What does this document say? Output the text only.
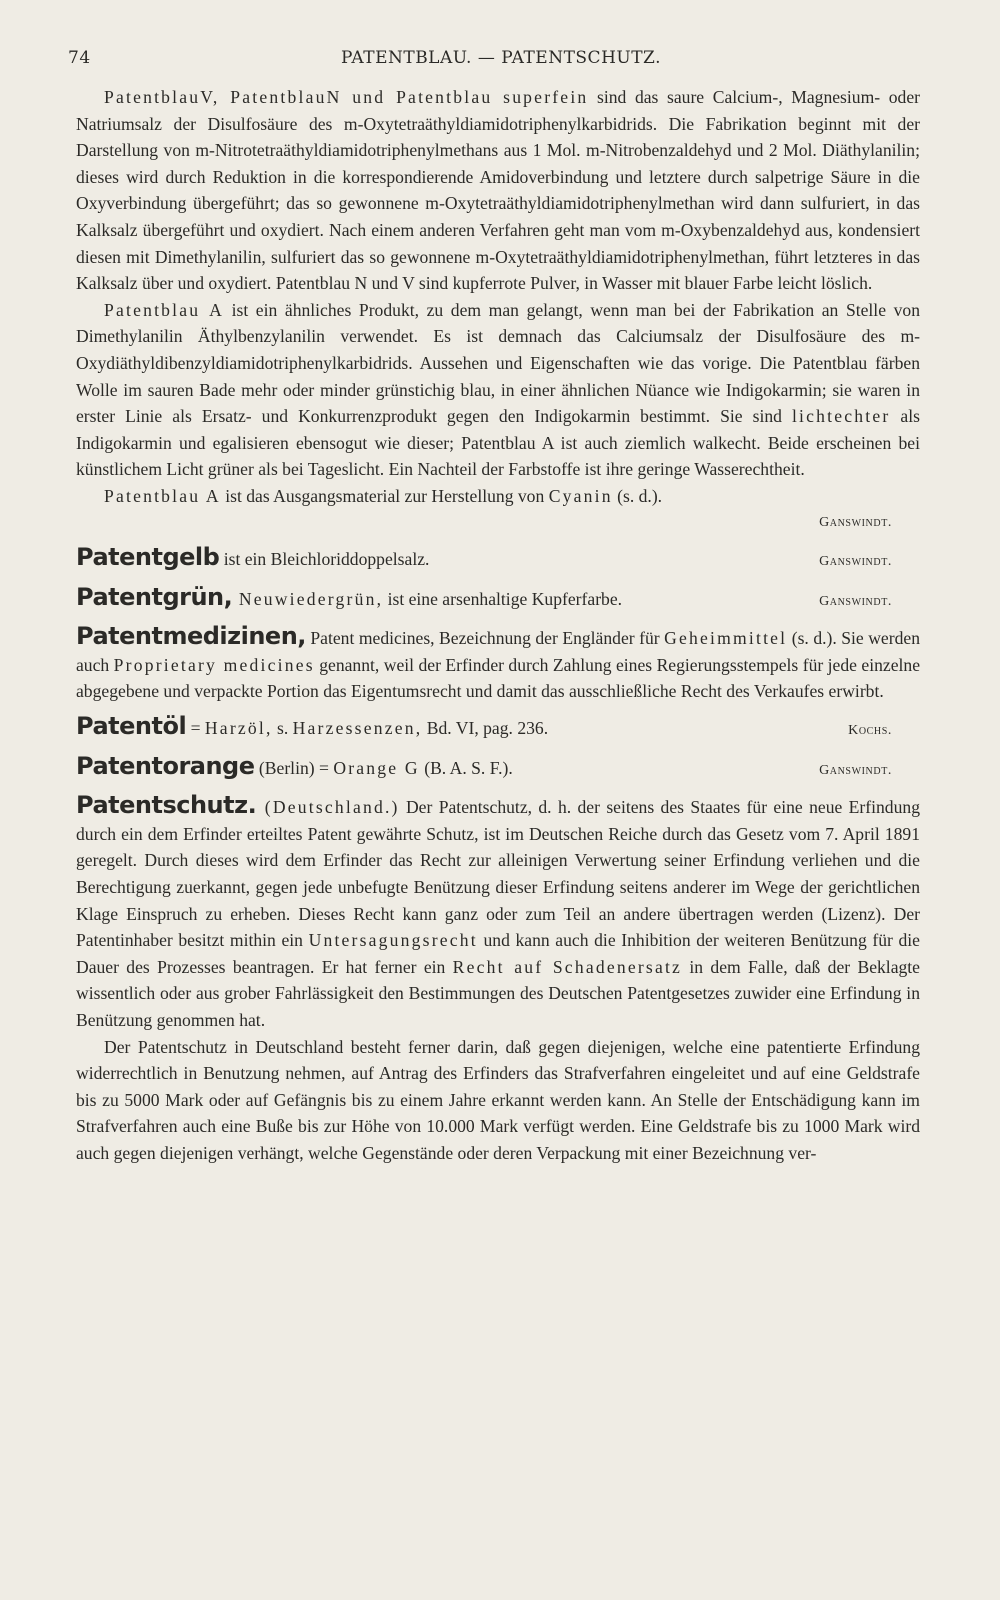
74	PATENTBLAU. — PATENTSCHUTZ.

PatentblauV, PatentblauN und Patentblau superfein sind das saure Calcium-, Magnesium- oder Natriumsalz der Disulfosäure des m-Oxytetraäthyldiamidotriphenylkarbidrids. Die Fabrikation beginnt mit der Darstellung von m-Nitrotetraäthyldiamidotriphenylmethans aus 1 Mol. m-Nitrobenzaldehyd und 2 Mol. Diäthylanilin; dieses wird durch Reduktion in die korrespondierende Amidoverbindung und letztere durch salpetrige Säure in die Oxyverbindung übergeführt; das so gewonnene m-Oxytetraäthyldiamidotriphenylmethan wird dann sulfuriert, in das Kalksalz übergeführt und oxydiert. Nach einem anderen Verfahren geht man vom m-Oxybenzaldehyd aus, kondensiert diesen mit Dimethylanilin, sulfuriert das so gewonnene m-Oxytetraäthyldiamidotriphenylmethan, führt letzteres in das Kalksalz über und oxydiert. Patentblau N und V sind kupferrote Pulver, in Wasser mit blauer Farbe leicht löslich.

Patentblau A ist ein ähnliches Produkt, zu dem man gelangt, wenn man bei der Fabrikation an Stelle von Dimethylanilin Äthylbenzylanilin verwendet. Es ist demnach das Calciumsalz der Disulfosäure des m-Oxydiäthyldibenzyldiamidotriphenylkarbidrids. Aussehen und Eigenschaften wie das vorige. Die Patentblau färben Wolle im sauren Bade mehr oder minder grünstichig blau, in einer ähnlichen Nüance wie Indigokarmin; sie waren in erster Linie als Ersatz- und Konkurrenzprodukt gegen den Indigokarmin bestimmt. Sie sind lichtechter als Indigokarmin und egalisieren ebensogut wie dieser; Patentblau A ist auch ziemlich walkecht. Beide erscheinen bei künstlichem Licht grüner als bei Tageslicht. Ein Nachteil der Farbstoffe ist ihre geringe Wasserechtheit.

Patentblau A ist das Ausgangsmaterial zur Herstellung von Cyanin (s. d.).
Ganswindt.

Patentgelb ist ein Bleichloriddoppelsalz.	Ganswindt.

Patentgrün, Neuwiedergrün, ist eine arsenhaltige Kupferfarbe.	Ganswindt.

Patentmedizinen, Patent medicines, Bezeichnung der Engländer für Geheimmittel (s. d.). Sie werden auch Proprietary medicines genannt, weil der Erfinder durch Zahlung eines Regierungsstempels für jede einzelne abgegebene und verpackte Portion das Eigentumsrecht und damit das ausschließliche Recht des Verkaufes erwirbt.

Patentöl = Harzöl, s. Harzessenzen, Bd. VI, pag. 236.	Kochs.

Patentorange (Berlin) = Orange G (B. A. S. F.).	Ganswindt.

Patentschutz. (Deutschland.) Der Patentschutz, d. h. der seitens des Staates für eine neue Erfindung durch ein dem Erfinder erteiltes Patent gewährte Schutz, ist im Deutschen Reiche durch das Gesetz vom 7. April 1891 geregelt. Durch dieses wird dem Erfinder das Recht zur alleinigen Verwertung seiner Erfindung verliehen und die Berechtigung zuerkannt, gegen jede unbefugte Benützung dieser Erfindung seitens anderer im Wege der gerichtlichen Klage Einspruch zu erheben. Dieses Recht kann ganz oder zum Teil an andere übertragen werden (Lizenz). Der Patentinhaber besitzt mithin ein Untersagungsrecht und kann auch die Inhibition der weiteren Benützung für die Dauer des Prozesses beantragen. Er hat ferner ein Recht auf Schadenersatz in dem Falle, daß der Beklagte wissentlich oder aus grober Fahrlässigkeit den Bestimmungen des Deutschen Patentgesetzes zuwider eine Erfindung in Benützung genommen hat.

Der Patentschutz in Deutschland besteht ferner darin, daß gegen diejenigen, welche eine patentierte Erfindung widerrechtlich in Benutzung nehmen, auf Antrag des Erfinders das Strafverfahren eingeleitet und auf eine Geldstrafe bis zu 5000 Mark oder auf Gefängnis bis zu einem Jahre erkannt werden kann. An Stelle der Entschädigung kann im Strafverfahren auch eine Buße bis zur Höhe von 10.000 Mark verfügt werden. Eine Geldstrafe bis zu 1000 Mark wird auch gegen diejenigen verhängt, welche Gegenstände oder deren Verpackung mit einer Bezeichnung ver-
